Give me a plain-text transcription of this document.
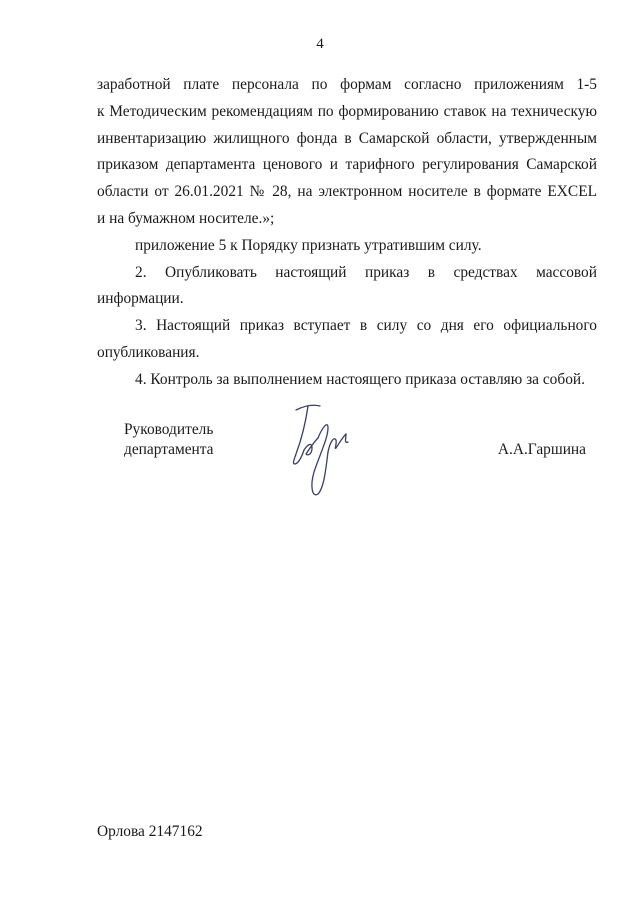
4

заработной плате персонала по формам согласно приложениям 1-5
к Методическим рекомендациям по формированию ставок на техническую
инвентаризацию жилищного фонда в Самарской области, утвержденным
приказом департамента ценового и тарифного регулирования Самарской
области от 26.01.2021 № 28, на электронном носителе в формате EXCEL
и на бумажном носителе.»;

приложение 5 к Порядку признать утратившим силу.

2. Опубликовать настоящий приказ в средствах массовой
информации.

3. Настоящий приказ вступает в силу со дня его официального
опубликования.

4. Контроль за выполнением настоящего приказа оставляю за собой.

Руководитель
департамента	А.А.Гаршина
Орлова 2147162
